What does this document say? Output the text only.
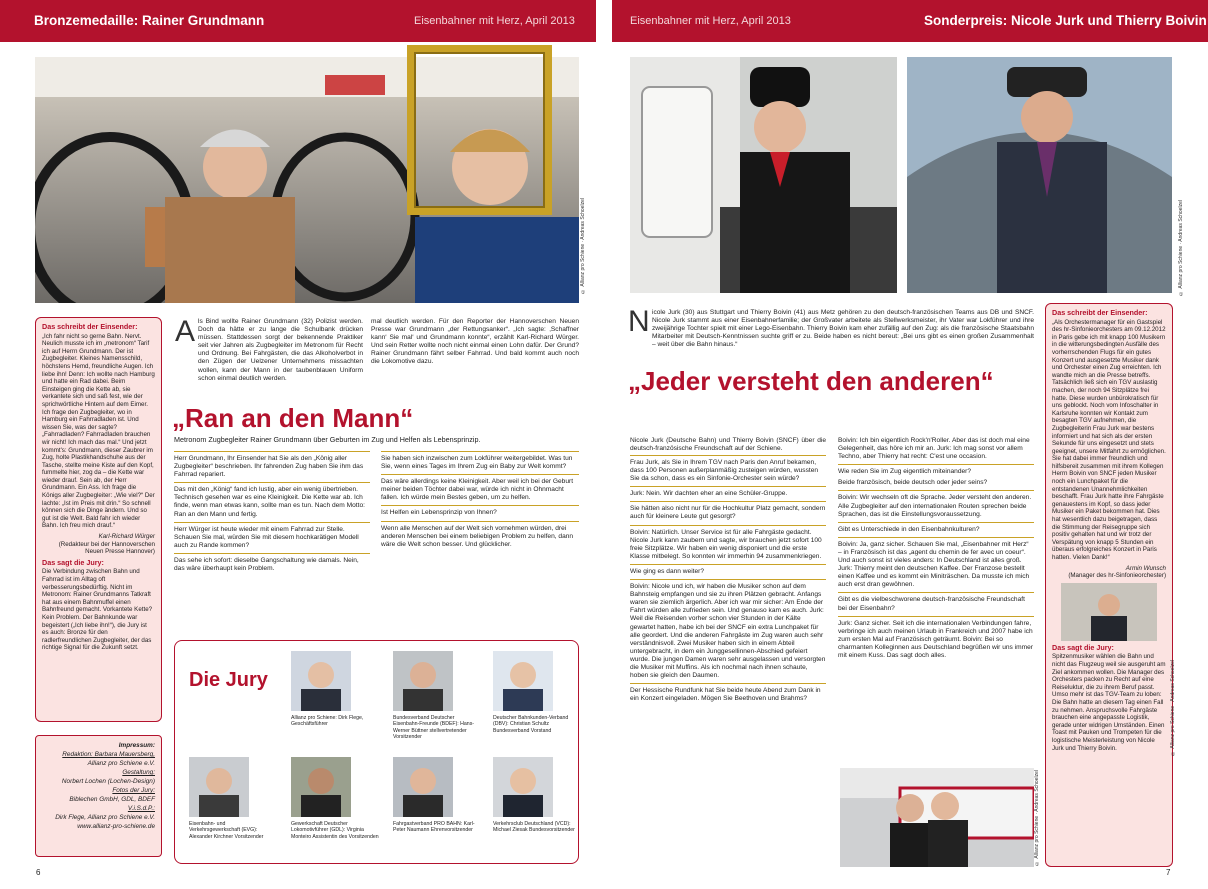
Bronzemedaille: Rainer Grundmann	Eisenbahner mit Herz, April 2013	Eisenbahner mit Herz, April 2013	Sonderpreis: Nicole Jurk und Thierry Boivin
© Allianz pro Schiene · Andreas Schoelzel	© Allianz pro Schiene · Andreas Schoelzel
Das schreibt der Einsender:

„Ich fahr nicht so gerne Bahn. Nervt. Neulich musste ich im „metronom“ Tarif ich auf Herrn Grundmann. Der ist Zugbegleiter. Kleines Namensschild, höchstens Hemd, freundliche Augen. Ich liebe ihn! Denn: Ich wollte nach Hamburg und hatte ein Rad dabei. Beim Einsteigen ging die Kette ab, sie verkantete sich und saß fest, wie der sprichwörtliche Hintern auf dem Eimer. Ich frage den Zugbegleiter, wo in Hamburg ein Fahrradladen ist. Und wissen Sie, was der sagte? „Fahrradladen? Fahrradladen brauchen wir nicht! Ich mach das mal.“ Und jetzt kommt's: Grundmann, dieser Zaubrer im Zug, holte Plastikhandschuhe aus der Tasche, stellte meine Kiste auf den Kopf, fummelte hier, zog da – die Kette war wieder drauf. Sein ab, der Herr Grundmann. Ein Ass. Ich frage die Königs aller Zugbegleiter: „Wie viel?“ Der lachte: „Ist im Preis mit drin.“ So schnell können sich die Dinge ändern. Und so gut ist die Welt. Bald fahr ich wieder Bahn. Ich freu mich drauf.“

Karl-Richard Würger

(Redakteur bei der Hannoverschen Neuen Presse Hannover)

Das sagt die Jury:

Die Verbindung zwischen Bahn und Fahrrad ist im Alltag oft verbesserungsbedürftig. Nicht im Metronom: Rainer Grundmanns Tatkraft hat aus einem Bahnmuffel einen Bahnfreund gemacht. Vorkantete Kette? Kein Problem. Der Bahnkunde war begeistert („Ich liebe ihn!“), die Jury ist es auch: Bronze für den radlerfreundlichen Zugbegleiter, der das richtige Signal für die Zukunft setzt.

Impressum:
Redaktion: Barbara Mauersberg,
Allianz pro Schiene e.V.
Gestaltung:
Norbert Lochen (Lochen-Design)
Fotos der Jury:
Biblechen GmbH, GDL, BDEF
V.i.S.d.P.:
Dirk Flege, Allianz pro Schiene e.V.
www.allianz-pro-schiene.de
A ls Bind wollte Rainer Grundmann (32) Polizist werden. Doch da hätte er zu lange die Schulbank drücken müssen. Stattdessen sorgt der bekennende Praktiker seit vier Jahren als Zugbegleiter im Metronom für Recht und Ordnung. Bei Fahrgästen, die das Alkoholverbot in den Zügen der Uelzener Unternehmens missachten wollen, kann der Mann in der taubenblauen Uniform schon einmal deutlich werden.
mal deutlich werden. Für den Reporter der Hannoverschen Neuen Presse war Grundmann „der Rettungsanker“. „Ich sagte: ‚Schaffner kann‘ Sie mal‘ und Grundmann konnte“, erzählt Karl-Richard Würger. Und sein Retter wollte noch nicht einmal einen Lohn dafür. Der Grund? Rainer Grundmann fährt selber Fahrrad. Und bald kommt auch noch die Lokomotive dazu.
„Ran an den Mann“
Metronom Zugbegleiter Rainer Grundmann über Geburten im Zug und Helfen als Lebensprinzip.
Herr Grundmann, Ihr Einsender hat Sie als den „König aller Zugbegleiter“ beschrieben. Ihr fahrenden Zug haben Sie ihm das Fahrrad repariert.
Das mit den „König“ fand ich lustig, aber ein wenig übertrieben. Technisch gesehen war es eine Kleinigkeit. Die Kette war ab. Ich finde, wenn man etwas kann, sollte man es tun. Nach dem Motto: Ran an den Mann und fertig.
Herr Würger ist heute wieder mit einem Fahrrad zur Stelle. Schauen Sie mal, würden Sie mit diesem hochkarätigen Modell auch zu Rande kommen?
Das sehe ich sofort: dieselbe Gangschaltung wie damals. Nein, das wäre überhaupt kein Problem.
Sie haben sich inzwischen zum Lokführer weitergebildet. Was tun Sie, wenn eines Tages im Ihrem Zug ein Baby zur Welt kommt?
Das wäre allerdings keine Kleinigkeit. Aber weil ich bei der Geburt meiner beiden Töchter dabei war, würde ich nicht in Ohnmacht fallen. Ich würde mein Bestes geben, um zu helfen.
Ist Helfen ein Lebensprinzip von Ihnen?
Wenn alle Menschen auf der Welt sich vornehmen würden, drei anderen Menschen bei einem beliebigen Problem zu helfen, dann wäre die Welt schon besser. Und glücklicher.
Die Jury
Allianz pro Schiene: Dirk Flege, Geschäftsführer
Bundesverband Deutscher Eisenbahn-Freunde (BDEF): Hans-Werner Büttner stellvertretender Vorsitzender
Deutscher Bahnkunden-Verband (DBV): Christian Schultz Bundesverband Vorstand
Eisenbahn- und Verkehrsgewerkschaft (EVG): Alexander Kirchner Vorsitzender
Gewerkschaft Deutscher Lokomotivführer (GDL): Virginia Monteiro Assistentin des Vorsitzenden
Fahrgastverband PRO BAHN: Karl-Peter Naumann Ehrenvorsitzender
Verkehrsclub Deutschland (VCD): Michael Ziesak Bundesvorsitzender
N icole Jurk (30) aus Stuttgart und Thierry Boivin (41) aus Metz gehören zu den deutsch-französischen Teams aus DB und SNCF. Nicole Jurk stammt aus einer Eisenbahnerfamilie; der Großvater arbeitete als Stellwerksmeister, ihr Vater war Lokführer und ihre zweijährige Tochter spielt mit einer Lego-Eisenbahn. Thierry Boivin kam eher zufällig auf den Zug: als die französische Staatsbahn Mitarbeiter mit Deutsch-Kenntnissen suchte griff er zu. Beide haben es nicht bereut: „Bei uns gibt es einen großen Zusammenhalt – weit über die Bahn hinaus.“
„Jeder versteht den anderen“
Nicole Jurk (Deutsche Bahn) und Thierry Boivin (SNCF) über die deutsch-französische Freundschaft auf der Schiene.
Frau Jurk, als Sie in Ihrem TGV nach Paris den Anruf bekamen, dass 100 Personen außerplanmäßig zusteigen würden, wussten Sie da schon, dass es ein Sinfonie-Orchester sein würde?
Jurk: Nein. Wir dachten eher an eine Schüler-Gruppe.
Sie hätten also nicht nur für die Hochkultur Platz gemacht, sondern auch für kleinere Leute gut gesorgt?
Boivin: Natürlich. Unser Service ist für alle Fahrgäste gedacht. Nicole Jurk kann zaubern und sagte, wir brauchen jetzt sofort 100 freie Sitzplätze. Wir haben ein wenig disponiert und die erste Klasse mitbelegt. So konnten wir immerhin 94 zusammenkriegen.
Wie ging es dann weiter?
Boivin: Nicole und ich, wir haben die Musiker schon auf dem Bahnsteig empfangen und sie zu ihren Plätzen gebracht. Anfangs waren sie ziemlich ärgerlich. Aber ich war mir sicher: Am Ende der Fahrt würden alle zufrieden sein. Und genauso kam es auch. Jurk: Weil die Reisenden vorher schon vier Stunden in der Kälte gewartet hatten, habe ich bei der SNCF ein extra Lunchpaket für alle geordert. Und die anderen Fahrgäste im Zug waren auch sehr verständnisvoll. Zwei Musiker haben sich in einem Abteil untergebracht, in dem ein Junggesellinnen-Abschied gefeiert wurde. Die jungen Damen waren sehr ausgelassen und versorgten die Musiker mit Muffins. Als ich nochmal nach ihnen schaute, hoben sie gleich den Daumen.
Der Hessische Rundfunk hat Sie beide heute Abend zum Dank in ein Konzert eingeladen. Mögen Sie Beethoven und Brahms?
Boivin: Ich bin eigentlich Rock'n'Roller. Aber das ist doch mal eine Gelegenheit, das höre ich mir an. Jurk: Ich mag sonst vor allem Techno, aber Thierry hat recht: C'est une occasion.
Wie reden Sie im Zug eigentlich miteinander?
Beide französisch, beide deutsch oder jeder seins?
Boivin: Wir wechseln oft die Sprache. Jeder versteht den anderen. Alle Zugbegleiter auf den internationalen Routen sprechen beide Sprachen, das ist die Einstellungsvoraussetzung.
Gibt es Unterschiede in den Eisenbahnkulturen?
Boivin: Ja, ganz sicher. Schauen Sie mal, „Eisenbahner mit Herz“ – in Französisch ist das „agent du chemin de fer avec un coeur“. Und auch sonst ist vieles anders: In Deutschland ist alles groß. Jurk: Thierry meint den deutschen Kaffee. Der Franzose bestellt einen Kaffee und es kommt ein Miniträschen. Da musste ich mich auch erst dran gewöhnen.
Gibt es die vielbeschworene deutsch-französische Freundschaft bei der Eisenbahn?
Jurk: Ganz sicher. Seit ich die internationalen Verbindungen fahre, verbringe ich auch meinen Urlaub in Frankreich und 2007 habe ich zum ersten Mal auf Französisch geträumt. Boivin: Bei so charmanten Kolleginnen aus Deutschland begrüßen wir uns immer mit einem Kuss. Das sagt doch alles.
© Allianz pro Schiene · Andreas Schoelzel
Das schreibt der Einsender:

„Als Orchestermanager für ein Gastspiel des hr-Sinfonieorchesters am 09.12.2012 in Paris gebe ich mit knapp 100 Musikern in die witterungsbedingten Ausfälle des vorherrschenden Flugs für ein gutes Konzert und ausgesetzte Musiker dank und Orchester einen Zug erreichten. Ich wandte mich an die Presse betreffs. Tatsächlich ließ sich ein TGV auslastig machen, der noch 94 Sitzplätze frei hatte. Diese wurden unbürokratisch für uns geblockt. Noch vom Infoschalter in Karlsruhe konnten wir Kontakt zum besagten TGV aufnehmen, die Zugbegleiterin Frau Jurk war bestens informiert und hat sich als der ersten Sekunde für uns eingesetzt und stets geeignet, unsere Mitfahrt zu ermöglichen. Sie hat dabei immer freundlich und hilfsbereit zusammen mit ihrem Kollegen Herrn Boivin von SNCF jeden Musiker noch ein Lunchpaket für die entstandenen Unannehmlichkeiten beschafft. Frau Jurk hatte ihre Fahrgäste genauestens im Kopf, so dass jeder Musiker ein Paket bekommen hat. Dies hat wesentlich dazu beigetragen, dass die Stimmung der Reisegruppe sich positiv gehalten hat und wir trotz der Verspätung von knapp 5 Stunden ein überaus erfolgreiches Konzert in Paris hatten. Vielen Dank!“

Armin Wunsch

(Manager des hr-Sinfonieorchester)

Das sagt die Jury:

Spitzenmusiker wählen die Bahn und nicht das Flugzeug weil sie ausgeruht am Ziel ankommen wollen. Die Manager des Orchesters packen zu Recht auf eine Reiseluktur, die zu ihrem Beruf passt. Umso mehr ist das TGV-Team zu loben: Die Bahn hatte an diesem Tag einen Fall zu nehmen. Anspruchsvolle Fahrgäste brauchen eine angepasste Logistik, gerade unter widrigen Umständen. Einen Toast mit Pauken und Trompeten für die logistische Meisterleistung von Nicole Jurk und Thierry Boivin.	© Allianz pro Schiene · Andreas Schoelzel
6	7
